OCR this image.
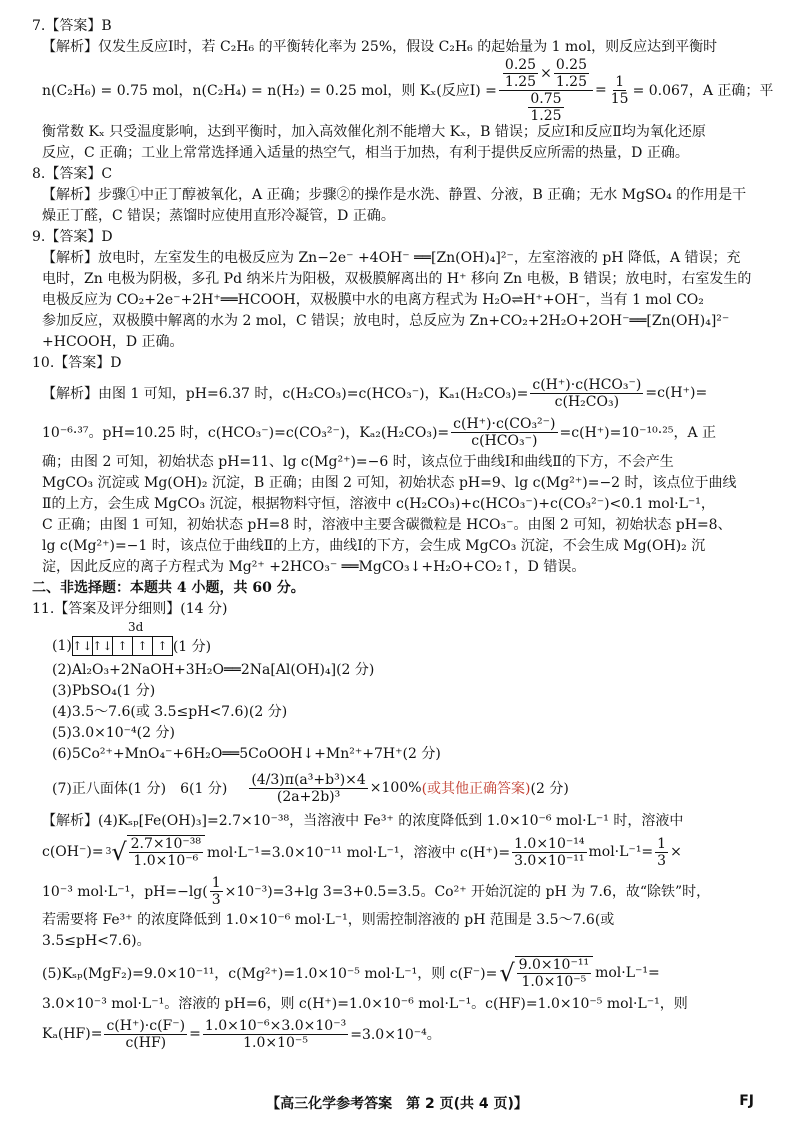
7.【答案】B
【解析】仅发生反应Ⅰ时，若 C₂H₆ 的平衡转化率为 25%，假设 C₂H₆ 的起始量为 1 mol，则反应达到平衡时
n(C₂H₆) = 0.75 mol，n(C₂H₄) = n(H₂) = 0.25 mol，则 Kₓ(反应Ⅰ) = $\frac{\frac{0.25}{1.25} \times \frac{0.25}{1.25}}{\frac{0.75}{1.25}} = \frac{1}{15} = 0.067$，A 正确；平
衡常数 Kₓ 只受温度影响，达到平衡时，加入高效催化剂不能增大 Kₓ，B 错误；反应Ⅰ和反应Ⅱ均为氧化还原
反应，C 正确；工业上常常选择通入适量的热空气，相当于加热，有利于提供反应所需的热量，D 正确。
8.【答案】C
【解析】步骤①中正丁醇被氧化，A 正确；步骤②的操作是水洗、静置、分液，B 正确；无水 MgSO₄ 的作用是干
燥正丁醛，C 错误；蒸馏时应使用直形冷凝管，D 正确。
9.【答案】D
【解析】放电时，左室发生的电极反应为 Zn−2e⁻ +4OH⁻ ══[Zn(OH)₄]²⁻，左室溶液的 pH 降低，A 错误；充
电时，Zn 电极为阴极，多孔 Pd 纳米片为阳极，双极膜解离出的 H⁺ 移向 Zn 电极，B 错误；放电时，右室发生的
电极反应为 CO₂+2e⁻+2H⁺══HCOOH，双极膜中水的电离方程式为 H₂O⇌H⁺+OH⁻，当有 1 mol CO₂
参加反应，双极膜中解离的水为 2 mol，C 错误；放电时，总反应为 Zn+CO₂+2H₂O+2OH⁻══[Zn(OH)₄]²⁻
+HCOOH，D 正确。
10.【答案】D
【解析】由图 1 可知，pH=6.37 时，c(H₂CO₃)=c(HCO₃⁻)，$K_{a1}(H_2CO_3)= \frac{\text{c(H⁺)·c(HCO₃⁻)}}{\text{c(H₂CO₃)}} =c(H^+)=$
10⁻⁶·³⁷。pH=10.25 时，c(HCO₃⁻)=c(CO₃²⁻)，$K_{a2}(H_2CO_3)= \frac{\text{c(H⁺)·c(CO₃²⁻)}}{\text{c(HCO₃⁻)}} =c(H^+)=10^{-10}\cdot^{25}$，A 正
确；由图 2 可知，初始状态 pH=11、lg c(Mg²⁺)=−6 时，该点位于曲线Ⅰ和曲线Ⅱ的下方，不会产生
MgCO₃ 沉淀或 Mg(OH)₂ 沉淀，B 正确；由图 2 可知，初始状态 pH=9、lg c(Mg²⁺)=−2 时，该点位于曲线
Ⅱ的上方，会生成 MgCO₃ 沉淀，根据物料守恒，溶液中 c(H₂CO₃)+c(HCO₃⁻)+c(CO₃²⁻)<0.1 mol·L⁻¹，
C 正确；由图 1 可知，初始状态 pH=8 时，溶液中主要含碳微粒是 HCO₃⁻。由图 2 可知，初始状态 pH=8、
lg c(Mg²⁺)=−1 时，该点位于曲线Ⅱ的上方，曲线Ⅰ的下方，会生成 MgCO₃ 沉淀，不会生成 Mg(OH)₂ 沉
淀，因此反应的离子方程式为 Mg²⁺ +2HCO₃⁻ ══MgCO₃↓+H₂O+CO₂↑，D 错误。
二、非选择题：本题共 4 小题，共 60 分。
11.【答案及评分细则】(14 分)
3d
(1) ↑↓ ↑↓ ↑ ↑ ↑ (1 分)
(2)Al₂O₃+2NaOH+3H₂O══2Na[Al(OH)₄](2 分)
(3)PbSO₄(1 分)
(4)3.5～7.6(或 3.5≤pH<7.6)(2 分)
(5)3.0×10⁻⁴(2 分)
(6)5Co²⁺+MnO₄⁻+6H₂O══5CoOOH↓+Mn²⁺+7H⁺(2 分)
(7)正八面体(1 分)　6(1 分) $\frac{\text{(4/3)π(a³+b³)×4}}{\text{(2a+2b)³}} \times 100\%$ (或其他正确答案) (2 分)
【解析】(4)Kₛₚ[Fe(OH)₃]=2.7×10⁻³⁸，当溶液中 Fe³⁺ 的浓度降低到 1.0×10⁻⁶ mol·L⁻¹ 时，溶液中
c(OH⁻)= 3 √ $\frac{\text{2.7×10⁻³⁸}}{\text{1.0×10⁻⁶}} mol\cdot L^{-1}=3.0\times 10^{-11}$ mol·L⁻¹，溶液中 $c(H^+)= \frac{\text{1.0×10⁻¹⁴}}{\text{3.0×10⁻¹¹}} mol\cdot L^{-1}= \frac{1}{3}$ ×
10⁻³ mol·L⁻¹，$pH=-\lg( \frac{1}{3} \times 10^{-3})=3+\lg$ 3=3+0.5=3.5。Co²⁺ 开始沉淀的 pH 为 7.6，故“除铁”时，
若需要将 Fe³⁺ 的浓度降低到 1.0×10⁻⁶ mol·L⁻¹，则需控制溶液的 pH 范围是 3.5～7.6(或
3.5≤pH<7.6)。
(5)Kₛₚ(MgF₂)=9.0×10⁻¹¹，c(Mg²⁺)=1.0×10⁻⁵ mol·L⁻¹，则 c(F⁻)= √ $\frac{\text{9.0×10⁻¹¹}}{\text{1.0×10⁻⁵}} mol\cdot L^{-1}=$
3.0×10⁻³ mol·L⁻¹。溶液的 pH=6，则 c(H⁺)=1.0×10⁻⁶ mol·L⁻¹。c(HF)=1.0×10⁻⁵ mol·L⁻¹，则
$K_a(HF)= \frac{c(H^+)\cdot c(F^-)}{c(HF)} = \frac{\text{1.0×10⁻⁶×3.0×10⁻³}}{\text{1.0×10⁻⁵}} =3.0\times 10^{-4}$。
【高三化学参考答案　第 2 页(共 4 页)】	FJ
